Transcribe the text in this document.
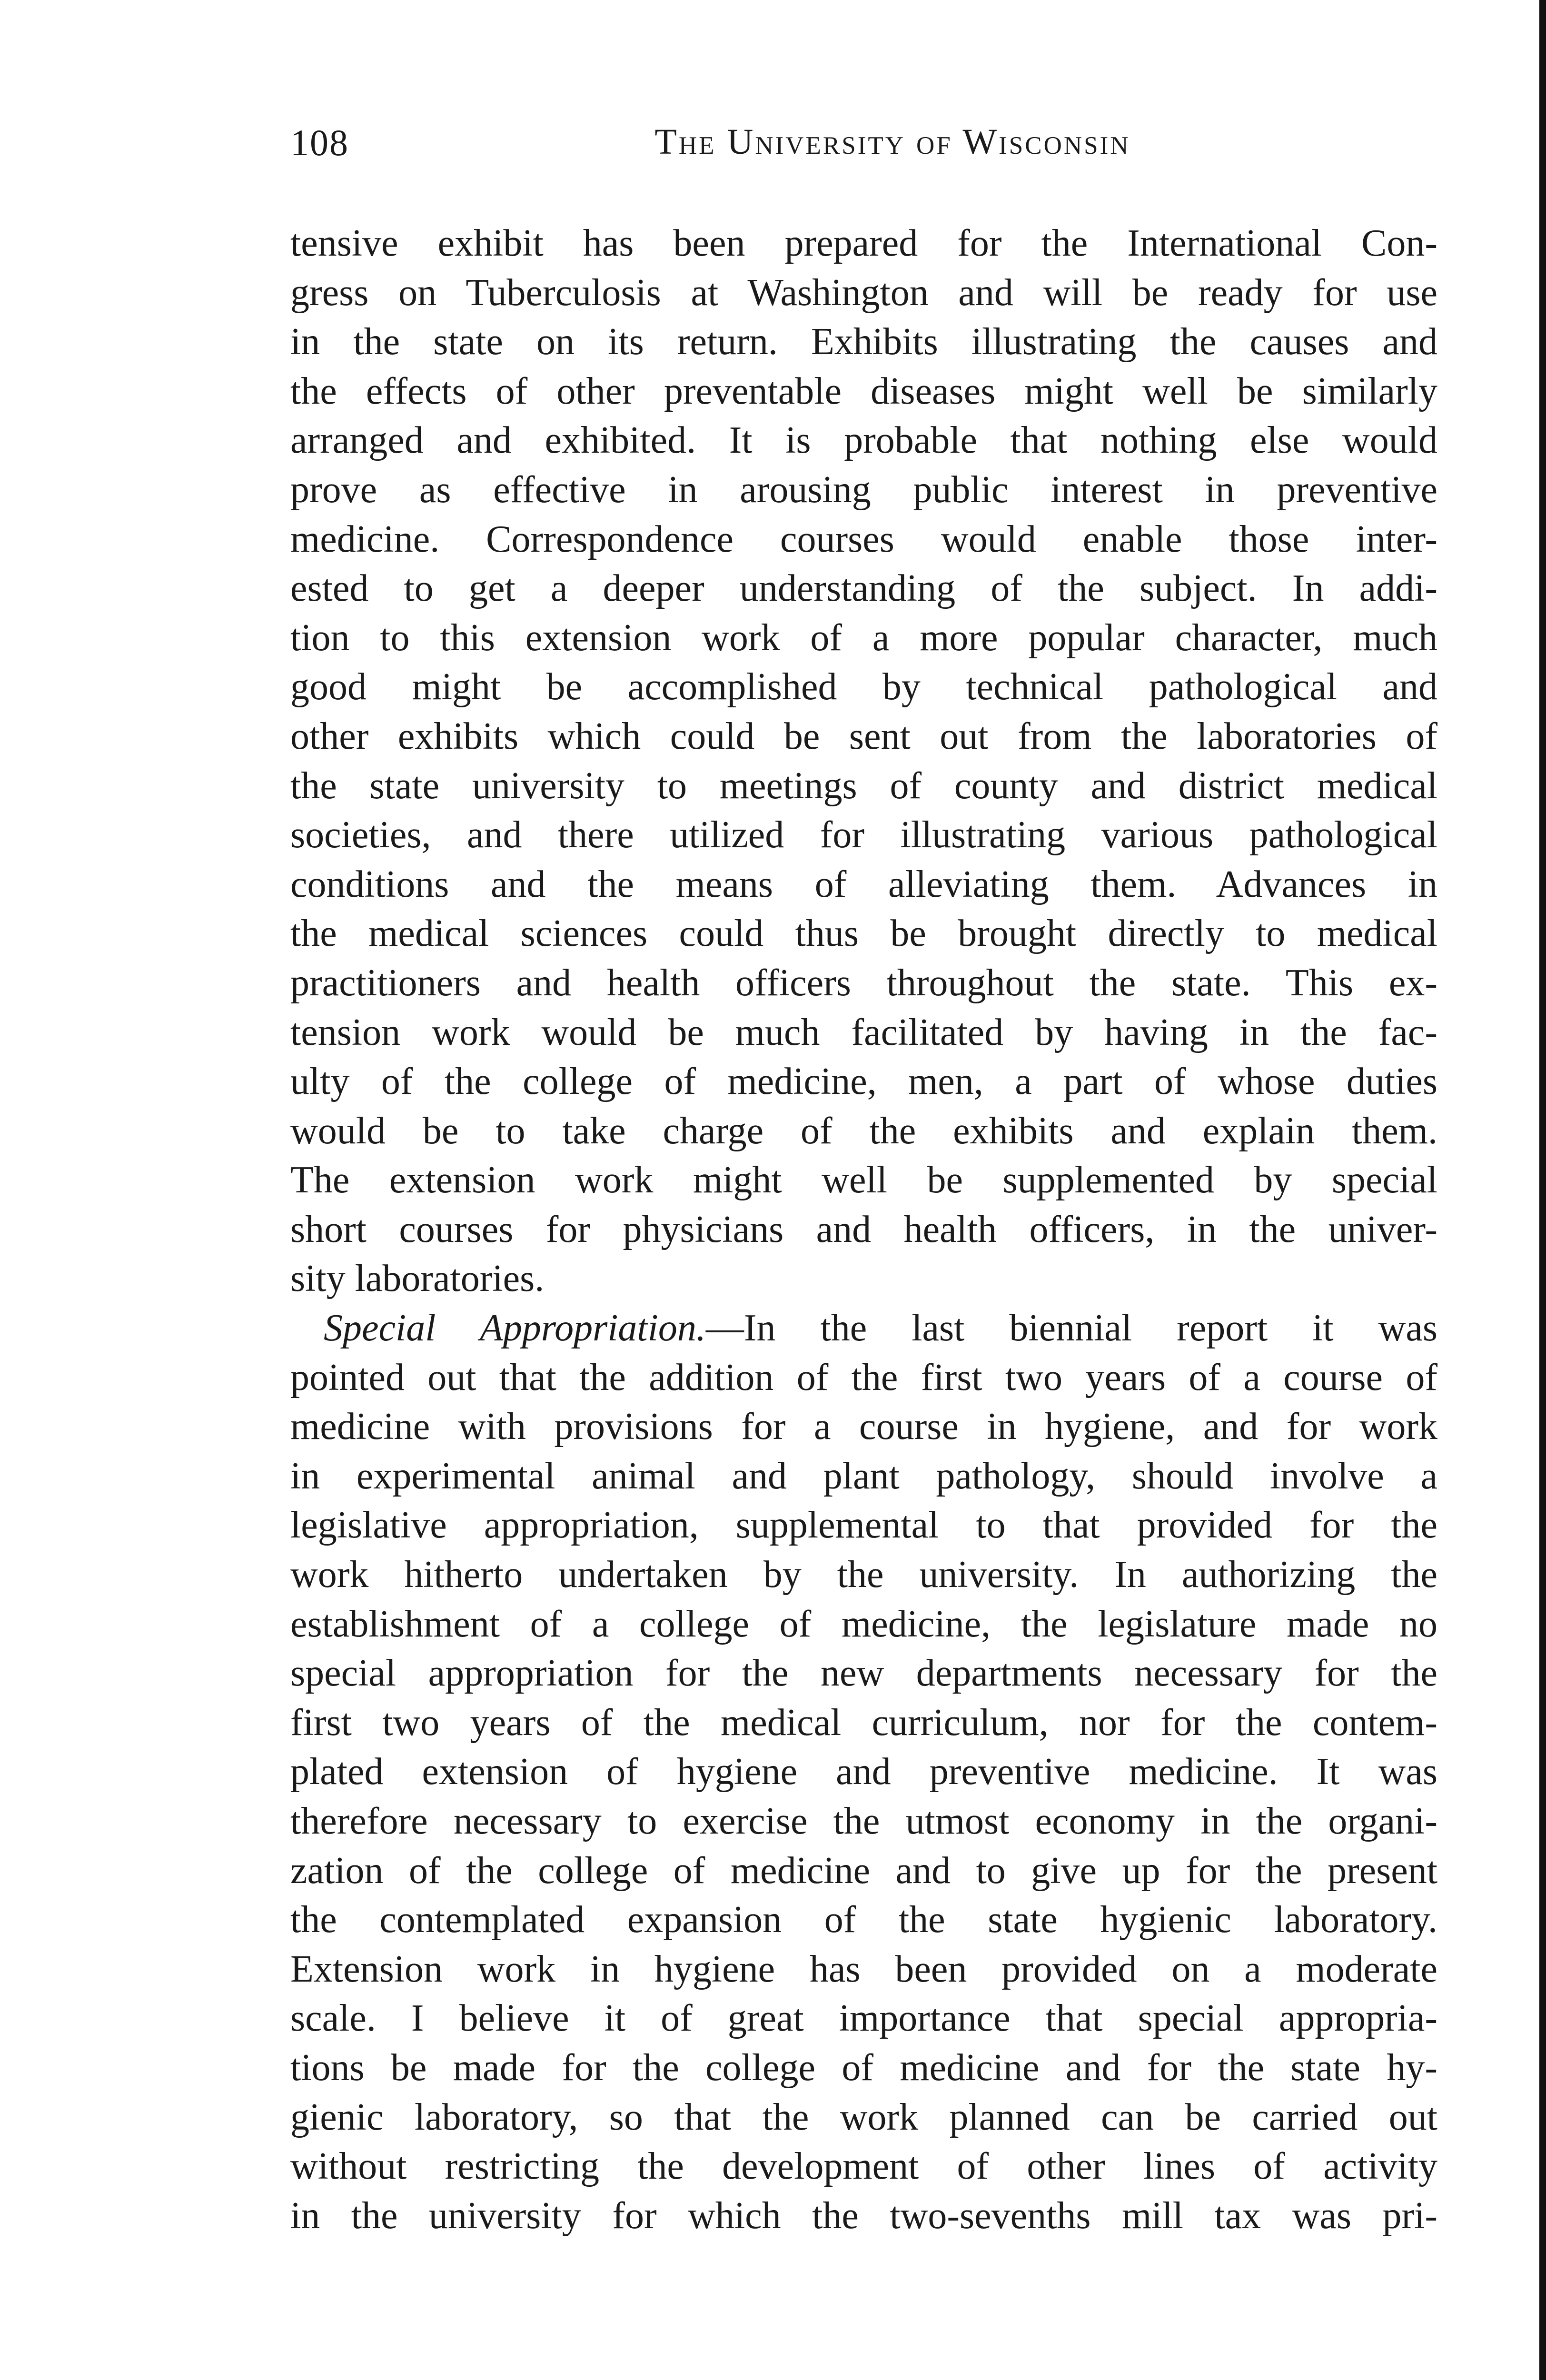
108	The University of Wisconsin
tensive exhibit has been prepared for the International Con-
gress on Tuberculosis at Washington and will be ready for use
in the state on its return. Exhibits illustrating the causes and
the effects of other preventable diseases might well be similarly
arranged and exhibited. It is probable that nothing else would
prove as effective in arousing public interest in preventive
medicine. Correspondence courses would enable those inter-
ested to get a deeper understanding of the subject. In addi-
tion to this extension work of a more popular character, much
good might be accomplished by technical pathological and
other exhibits which could be sent out from the laboratories of
the state university to meetings of county and district medical
societies, and there utilized for illustrating various pathological
conditions and the means of alleviating them. Advances in
the medical sciences could thus be brought directly to medical
practitioners and health officers throughout the state. This ex-
tension work would be much facilitated by having in the fac-
ulty of the college of medicine, men, a part of whose duties
would be to take charge of the exhibits and explain them.
The extension work might well be supplemented by special
short courses for physicians and health officers, in the univer-
sity laboratories.
Special Appropriation.—In the last biennial report it was
pointed out that the addition of the first two years of a course of
medicine with provisions for a course in hygiene, and for work
in experimental animal and plant pathology, should involve a
legislative appropriation, supplemental to that provided for the
work hitherto undertaken by the university. In authorizing the
establishment of a college of medicine, the legislature made no
special appropriation for the new departments necessary for the
first two years of the medical curriculum, nor for the contem-
plated extension of hygiene and preventive medicine. It was
therefore necessary to exercise the utmost economy in the organi-
zation of the college of medicine and to give up for the present
the contemplated expansion of the state hygienic laboratory.
Extension work in hygiene has been provided on a moderate
scale. I believe it of great importance that special appropria-
tions be made for the college of medicine and for the state hy-
gienic laboratory, so that the work planned can be carried out
without restricting the development of other lines of activity
in the university for which the two-sevenths mill tax was pri-
